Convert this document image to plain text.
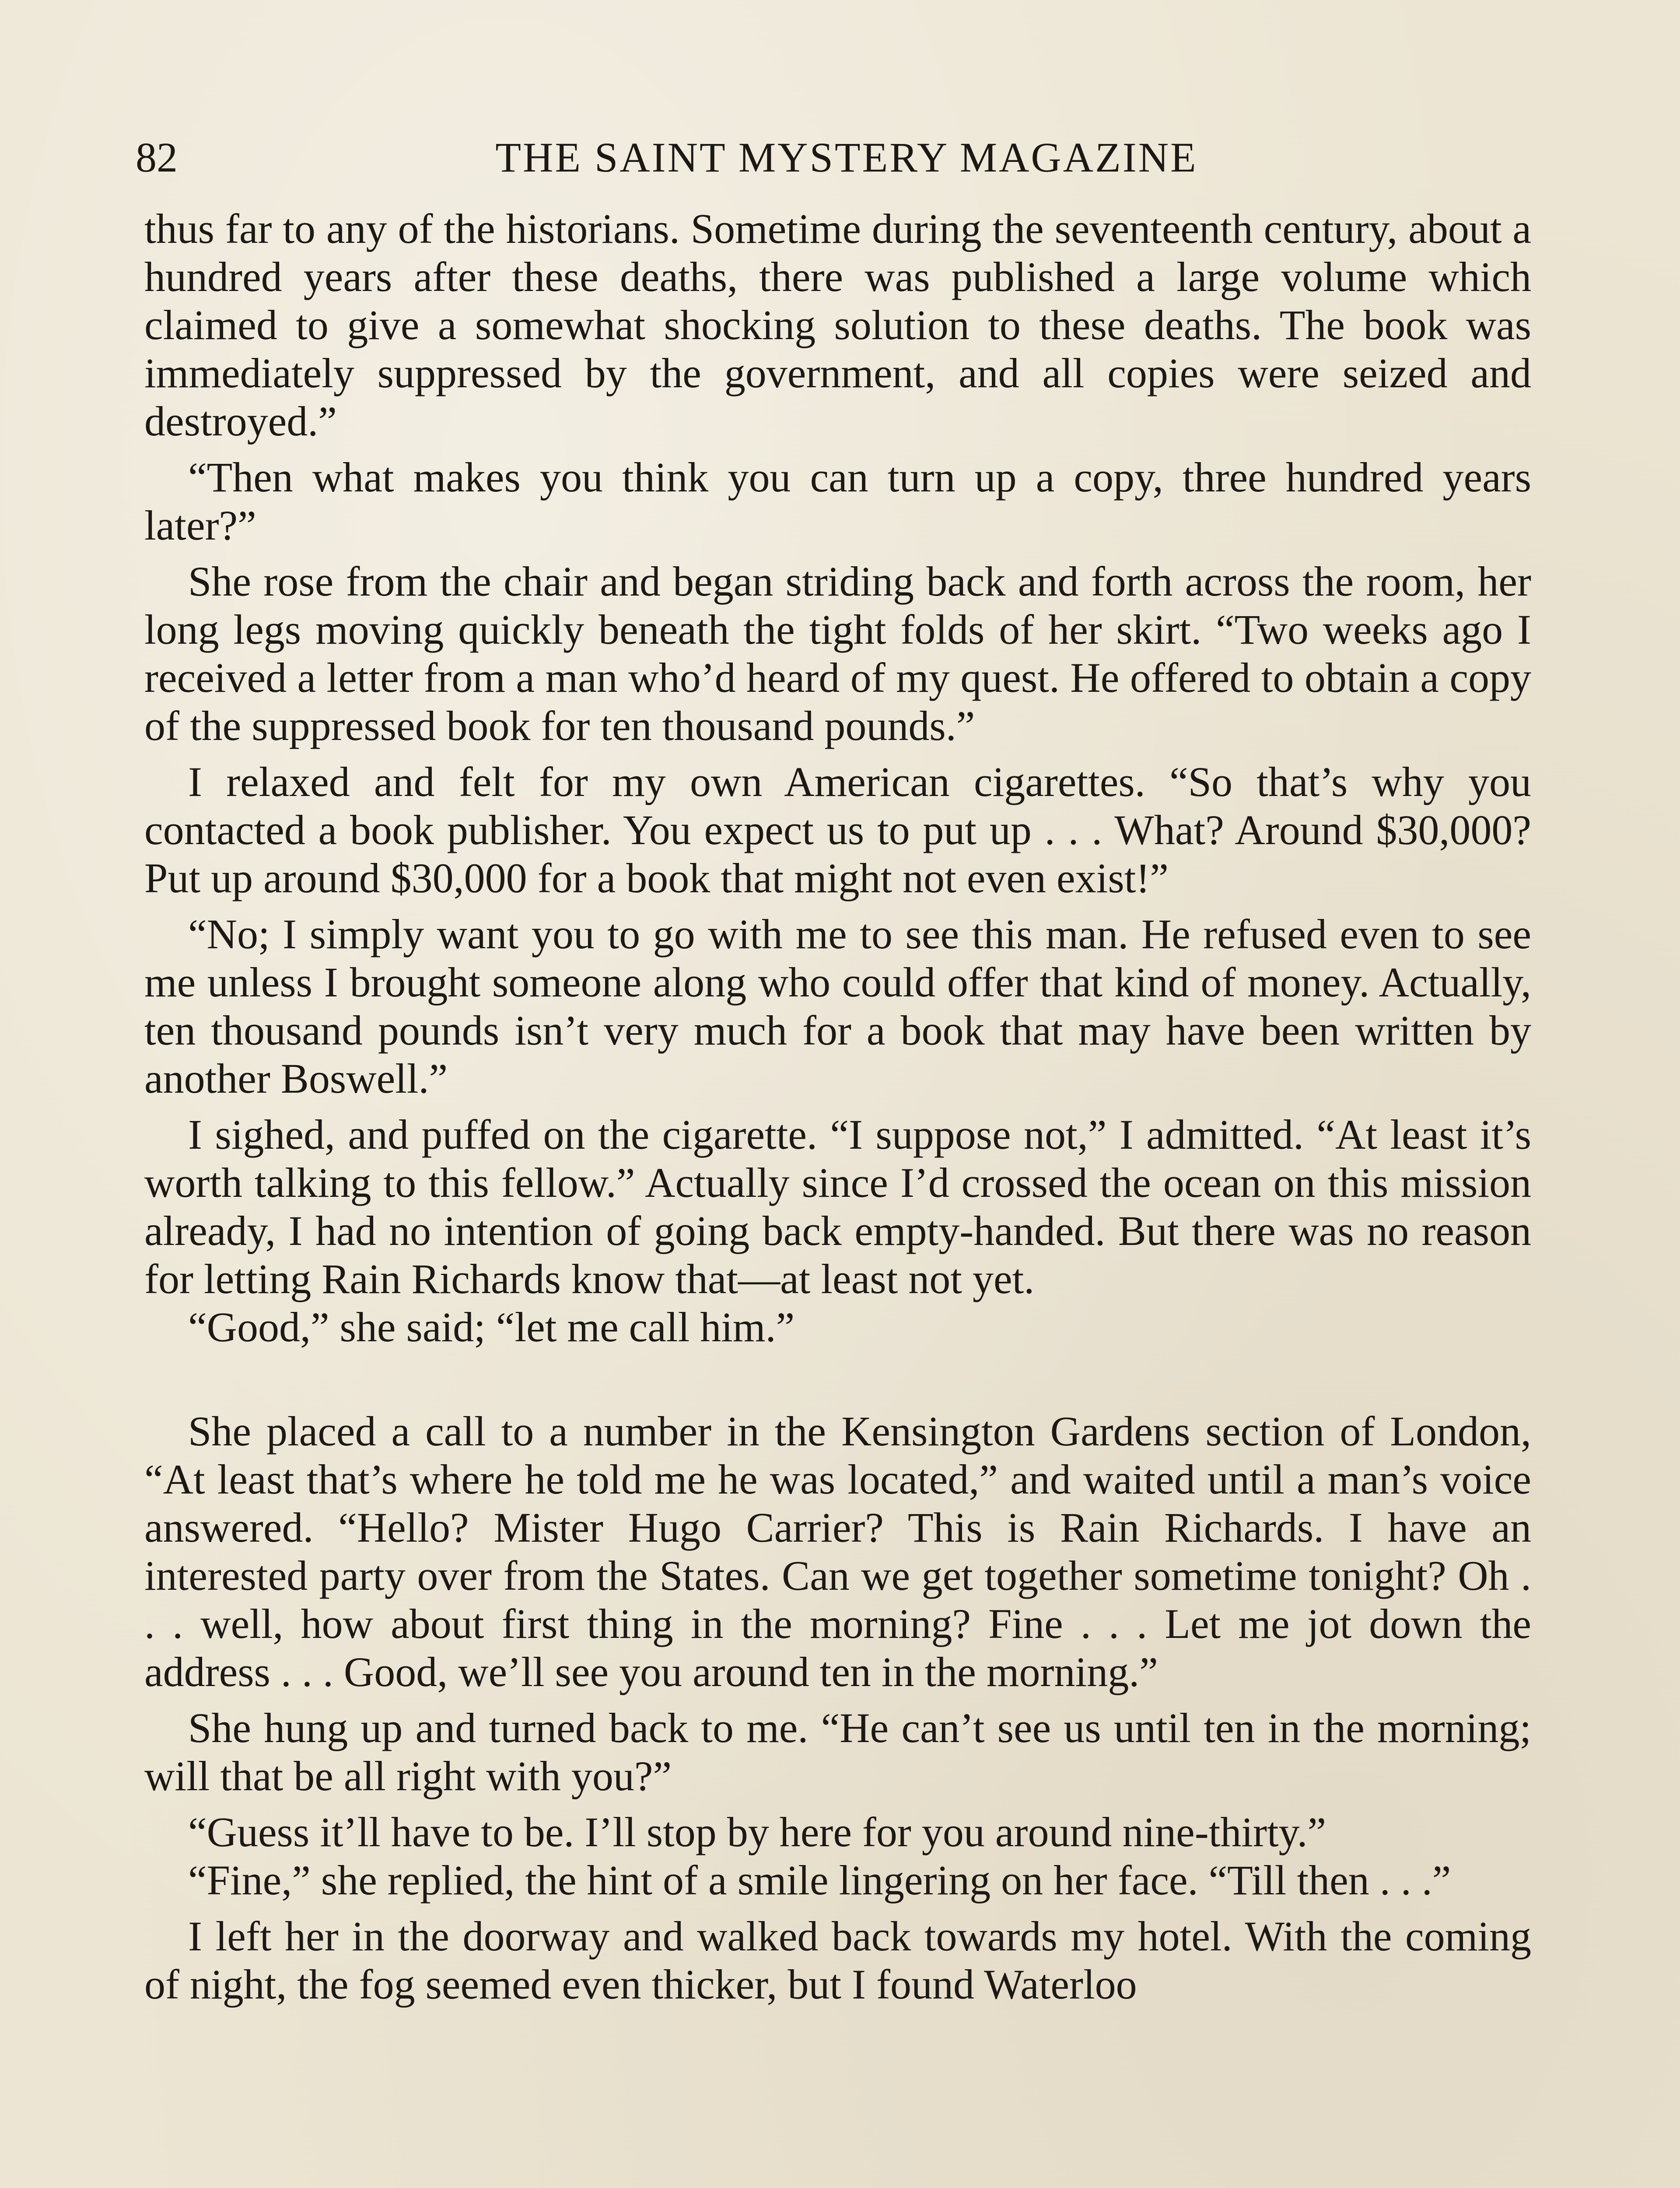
82	THE SAINT MYSTERY MAGAZINE

thus far to any of the historians. Sometime during the seventeenth century, about a hundred years after these deaths, there was published a large volume which claimed to give a somewhat shocking solution to these deaths. The book was immediately suppressed by the government, and all copies were seized and destroyed.”

“Then what makes you think you can turn up a copy, three hundred years later?”

She rose from the chair and began striding back and forth across the room, her long legs moving quickly beneath the tight folds of her skirt. “Two weeks ago I received a letter from a man who’d heard of my quest. He offered to obtain a copy of the suppressed book for ten thousand pounds.”

I relaxed and felt for my own American cigarettes. “So that’s why you contacted a book publisher. You expect us to put up . . . What? Around $30,000? Put up around $30,000 for a book that might not even exist!”

“No; I simply want you to go with me to see this man. He refused even to see me unless I brought someone along who could offer that kind of money. Actually, ten thousand pounds isn’t very much for a book that may have been written by another Boswell.”

I sighed, and puffed on the cigarette. “I suppose not,” I admitted. “At least it’s worth talking to this fellow.” Actually since I’d crossed the ocean on this mission already, I had no intention of going back empty-handed. But there was no reason for letting Rain Richards know that—at least not yet.

“Good,” she said; “let me call him.”

She placed a call to a number in the Kensington Gardens section of London, “At least that’s where he told me he was located,” and waited until a man’s voice answered. “Hello? Mister Hugo Carrier? This is Rain Richards. I have an interested party over from the States. Can we get together sometime tonight? Oh . . . well, how about first thing in the morning? Fine . . . Let me jot down the address . . . Good, we’ll see you around ten in the morning.”

She hung up and turned back to me. “He can’t see us until ten in the morning; will that be all right with you?”

“Guess it’ll have to be. I’ll stop by here for you around nine-thirty.”

“Fine,” she replied, the hint of a smile lingering on her face. “Till then . . .”

I left her in the doorway and walked back towards my hotel. With the coming of night, the fog seemed even thicker, but I found Waterloo
